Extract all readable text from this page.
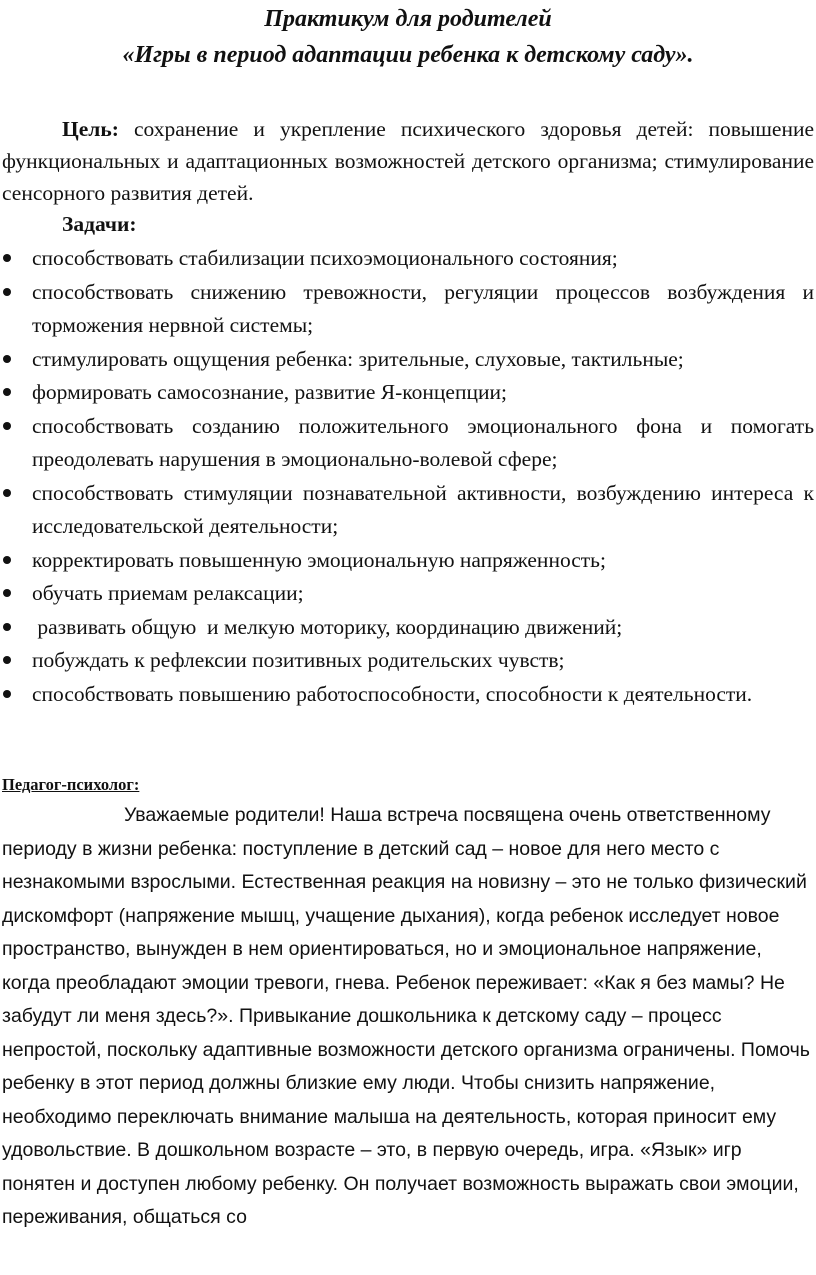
Практикум для родителей
«Игры в период адаптации ребенка к детскому саду».
Цель: сохранение и укрепление психического здоровья детей: повышение функциональных и адаптационных возможностей детского организма; стимулирование сенсорного развития детей.
Задачи:
способствовать стабилизации психоэмоционального состояния;
способствовать снижению тревожности, регуляции процессов возбуждения и торможения нервной системы;
стимулировать ощущения ребенка: зрительные, слуховые, тактильные;
формировать самосознание, развитие Я-концепции;
способствовать созданию положительного эмоционального фона и помогать преодолевать нарушения в эмоционально-волевой сфере;
способствовать стимуляции познавательной активности, возбуждению интереса к исследовательской деятельности;
корректировать повышенную эмоциональную напряженность;
обучать приемам релаксации;
развивать общую  и мелкую моторику, координацию движений;
побуждать к рефлексии позитивных родительских чувств;
способствовать повышению работоспособности, способности к деятельности.
Педагог-психолог:
Уважаемые родители! Наша встреча посвящена очень ответственному периоду в жизни ребенка: поступление в детский сад – новое для него место с незнакомыми взрослыми. Естественная реакция на новизну – это не только физический дискомфорт (напряжение мышц, учащение дыхания), когда ребенок исследует новое пространство, вынужден в нем ориентироваться, но и эмоциональное напряжение, когда преобладают эмоции тревоги, гнева. Ребенок переживает: «Как я без мамы? Не забудут ли меня здесь?». Привыкание дошкольника к детскому саду – процесс непростой, поскольку адаптивные возможности детского организма ограничены. Помочь ребенку в этот период должны близкие ему люди. Чтобы снизить напряжение, необходимо переключать внимание малыша на деятельность, которая приносит ему удовольствие. В дошкольном возрасте – это, в первую очередь, игра. «Язык» игр понятен и доступен любому ребенку. Он получает возможность выражать свои эмоции, переживания, общаться со
